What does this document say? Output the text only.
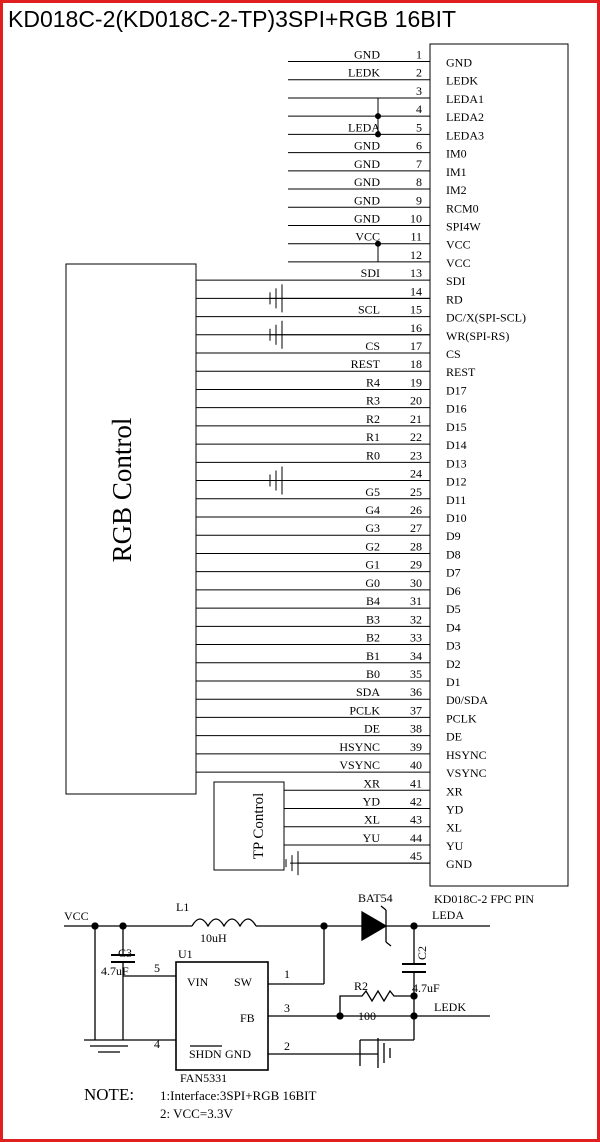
KD018C-2(KD018C-2-TP)3SPI+RGB 16BIT
1
GND
GND
2
LEDK
LEDK
3
LEDA1
4
LEDA2
5
LEDA3
LEDA
6
IM0
GND
7
IM1
GND
8
IM2
GND
9
RCM0
GND
10
SPI4W
GND
11
VCC
VCC
12
VCC
13
SDI
SDI
14
RD
15
DC/X(SPI-SCL)
SCL
16
WR(SPI-RS)
17
CS
CS
18
REST
REST
19
D17
R4
20
D16
R3
21
D15
R2
22
D14
R1
23
D13
R0
24
D12
25
D11
G5
26
D10
G4
27
D9
G3
28
D8
G2
29
D7
G1
30
D6
G0
31
D5
B4
32
D4
B3
33
D3
B2
34
D2
B1
35
D1
B0
36
D0/SDA
SDA
37
PCLK
PCLK
38
DE
DE
39
HSYNC
HSYNC
40
VSYNC
VSYNC
41
XR
XR
42
YD
YD
43
XL
XL
44
YU
YU
45
GND
RGB Control
TP Control
KD018C-2 FPC PIN
VCC
L1
10uH
BAT54
LEDA
C3
4.7uF
U1
FAN5331
VIN SW
FB
SHDN GND
5	1
3
4	2
C2
4.7uF
R2
100
LEDK
NOTE: 1:Interface:3SPI+RGB 16BIT
2: VCC=3.3V
